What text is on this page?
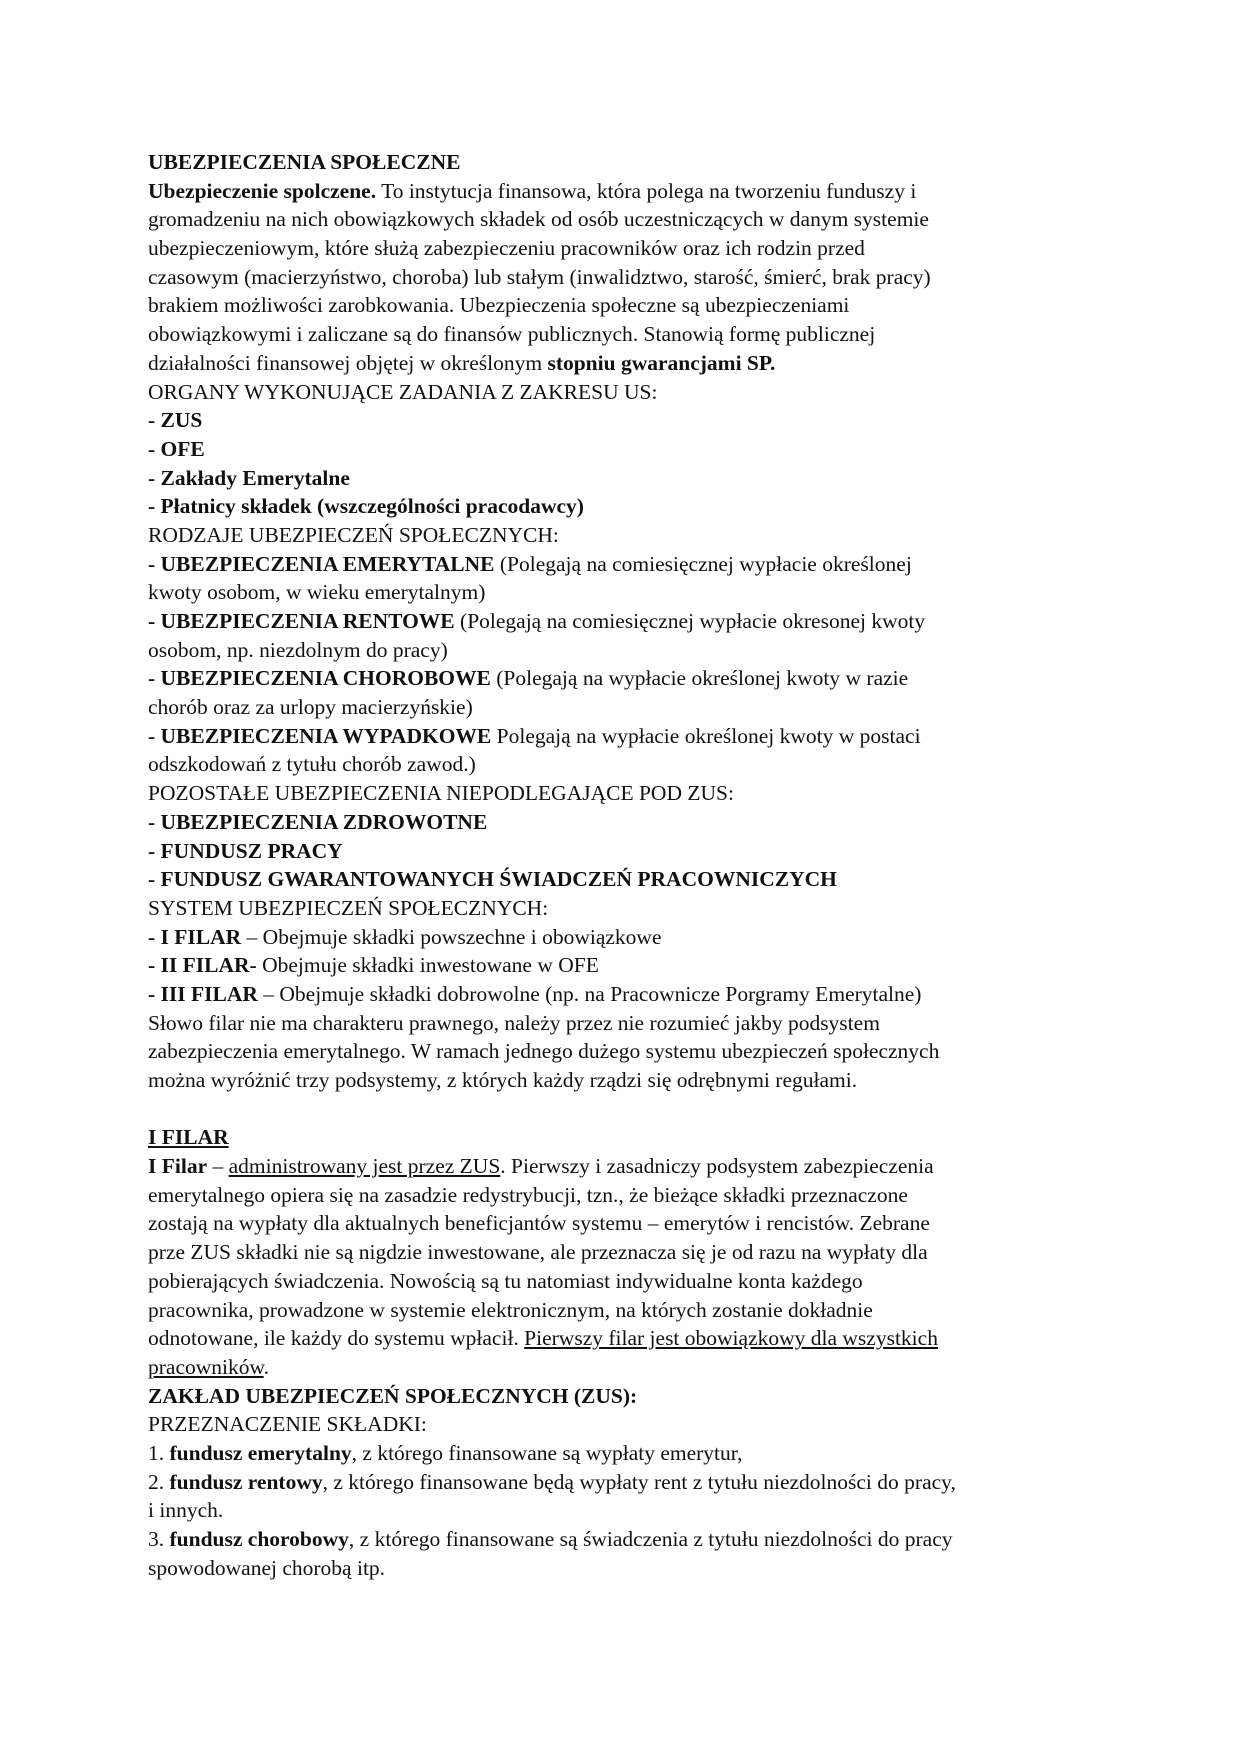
UBEZPIECZENIA SPOŁECZNE
Ubezpieczenie spolczene. To instytucja finansowa, która polega na tworzeniu funduszy i
gromadzeniu na nich obowiązkowych składek od osób uczestniczących w danym systemie
ubezpieczeniowym, które służą zabezpieczeniu pracowników oraz ich rodzin przed
czasowym (macierzyństwo, choroba) lub stałym (inwalidztwo, starość, śmierć, brak pracy)
brakiem możliwości zarobkowania. Ubezpieczenia społeczne są ubezpieczeniami
obowiązkowymi i zaliczane są do finansów publicznych. Stanowią formę publicznej
działalności finansowej objętej w określonym stopniu gwarancjami SP.
ORGANY WYKONUJĄCE ZADANIA Z ZAKRESU US:
- ZUS
- OFE
- Zakłady Emerytalne
- Płatnicy składek (wszczególności pracodawcy)
RODZAJE UBEZPIECZEŃ SPOŁECZNYCH:
- UBEZPIECZENIA EMERYTALNE (Polegają na comiesięcznej wypłacie określonej
kwoty osobom, w wieku emerytalnym)
- UBEZPIECZENIA RENTOWE (Polegają na comiesięcznej wypłacie okresonej kwoty
osobom, np. niezdolnym do pracy)
- UBEZPIECZENIA CHOROBOWE (Polegają na wypłacie określonej kwoty w razie
chorób oraz za urlopy macierzyńskie)
- UBEZPIECZENIA WYPADKOWE Polegają na wypłacie określonej kwoty w postaci
odszkodowań z tytułu chorób zawod.)
POZOSTAŁE UBEZPIECZENIA NIEPODLEGAJĄCE POD ZUS:
- UBEZPIECZENIA ZDROWOTNE
- FUNDUSZ PRACY
- FUNDUSZ GWARANTOWANYCH ŚWIADCZEŃ PRACOWNICZYCH
SYSTEM UBEZPIECZEŃ SPOŁECZNYCH:
- I FILAR – Obejmuje składki powszechne i obowiązkowe
- II FILAR- Obejmuje składki inwestowane w OFE
- III FILAR – Obejmuje składki dobrowolne (np. na Pracownicze Porgramy Emerytalne)
Słowo filar nie ma charakteru prawnego, należy przez nie rozumieć jakby podsystem
zabezpieczenia emerytalnego. W ramach jednego dużego systemu ubezpieczeń społecznych
można wyróżnić trzy podsystemy, z których każdy rządzi się odrębnymi regułami.
I FILAR
I Filar – administrowany jest przez ZUS. Pierwszy i zasadniczy podsystem zabezpieczenia
emerytalnego opiera się na zasadzie redystrybucji, tzn., że bieżące składki przeznaczone
zostają na wypłaty dla aktualnych beneficjantów systemu – emerytów i rencistów. Zebrane
prze ZUS składki nie są nigdzie inwestowane, ale przeznacza się je od razu na wypłaty dla
pobierających świadczenia. Nowością są tu natomiast indywidualne konta każdego
pracownika, prowadzone w systemie elektronicznym, na których zostanie dokładnie
odnotowane, ile każdy do systemu wpłacił. Pierwszy filar jest obowiązkowy dla wszystkich
pracowników.
ZAKŁAD UBEZPIECZEŃ SPOŁECZNYCH (ZUS):
PRZEZNACZENIE SKŁADKI:
1. fundusz emerytalny, z którego finansowane są wypłaty emerytur,
2. fundusz rentowy, z którego finansowane będą wypłaty rent z tytułu niezdolności do pracy,
i innych.
3. fundusz chorobowy, z którego finansowane są świadczenia z tytułu niezdolności do pracy
spowodowanej chorobą itp.
